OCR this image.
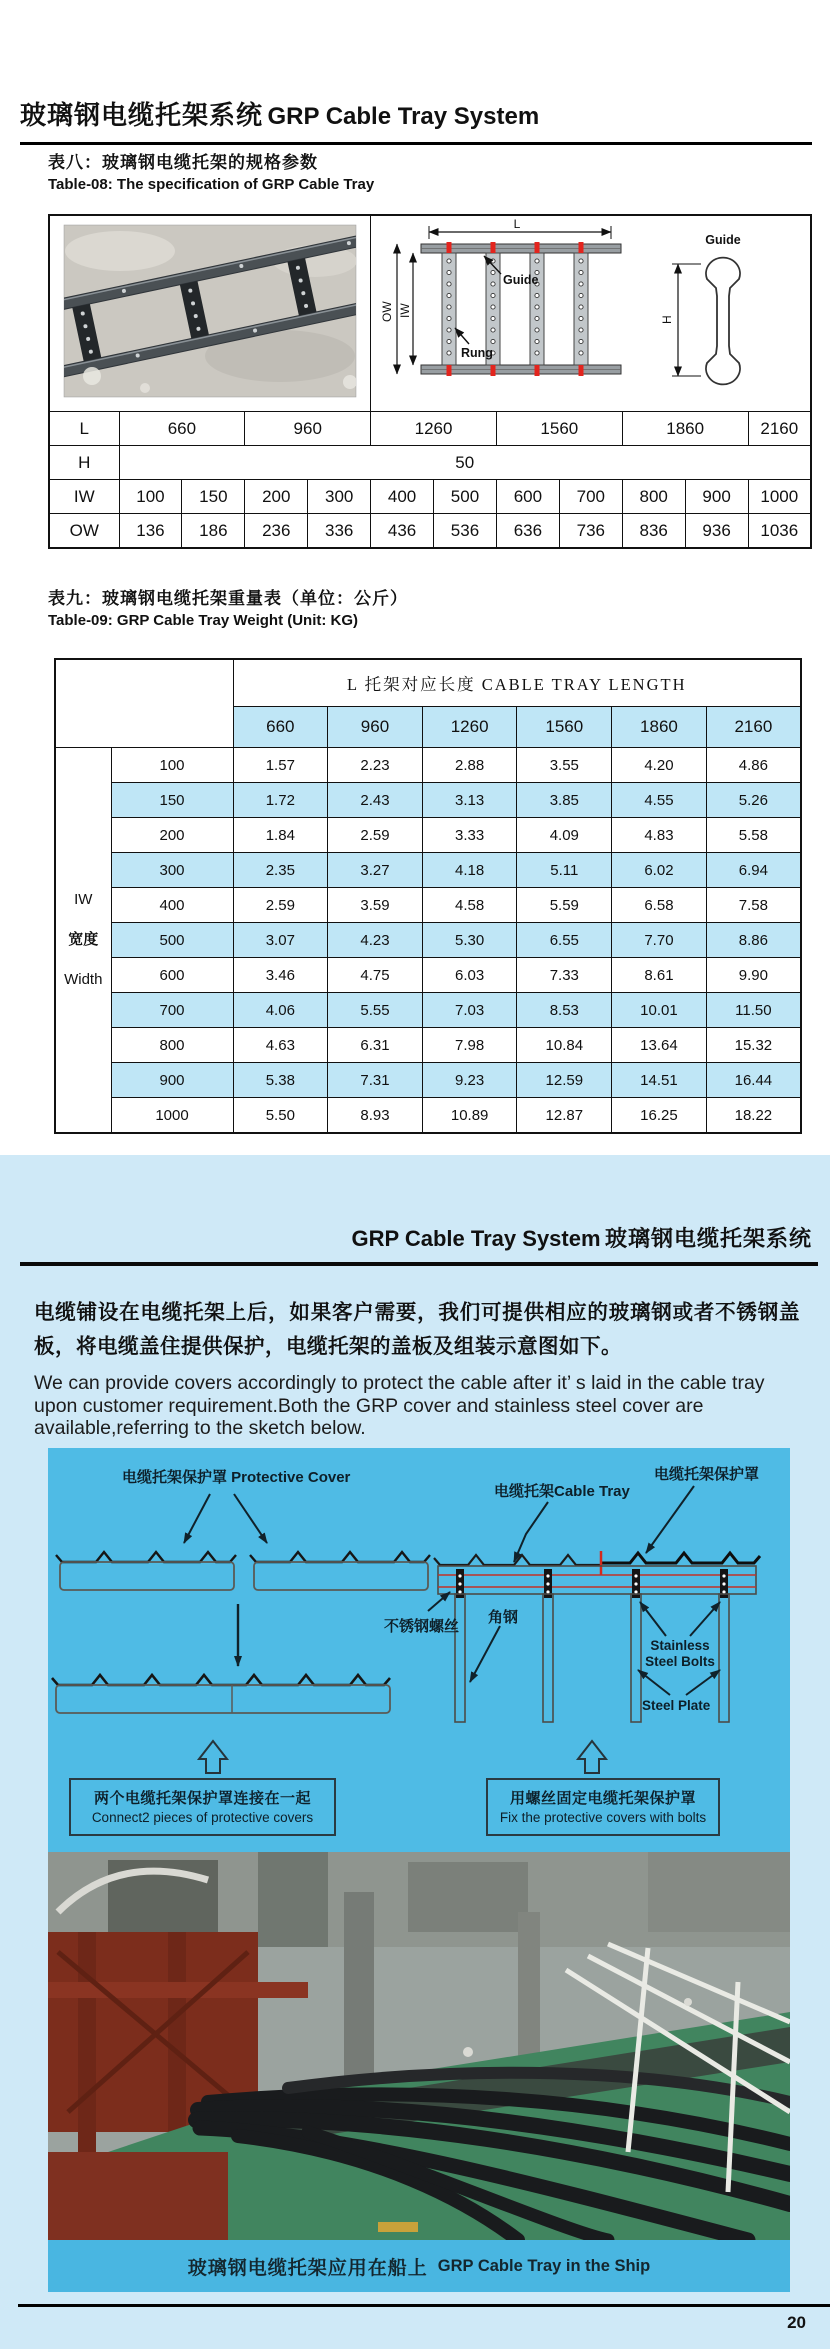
玻璃钢电缆托架系统 GRP Cable Tray System
表八：玻璃钢电缆托架的规格参数
Table-08: The specification of GRP Cable Tray

L
OW IW
Guide
Rung
Guide
H

L	660		960		1260		1560		1860		2160
H	50										
IW	100	150	200	300	400	500	600	700	800	900	1000
OW	136	186	236	336	436	536	636	736	836	936	1036
表九：玻璃钢电缆托架重量表（单位：公斤）
Table-09: GRP Cable Tray Weight (Unit: KG)
		L 托架对应长度 CABLE TRAY LENGTH					
		660	960	1260	1560	1860	2160

IW
宽度
Width	100	1.57	2.23	2.88	3.55	4.20	4.86
	150	1.72	2.43	3.13	3.85	4.55	5.26
	200	1.84	2.59	3.33	4.09	4.83	5.58
	300	2.35	3.27	4.18	5.11	6.02	6.94
	400	2.59	3.59	4.58	5.59	6.58	7.58
	500	3.07	4.23	5.30	6.55	7.70	8.86
	600	3.46	4.75	6.03	7.33	8.61	9.90
	700	4.06	5.55	7.03	8.53	10.01	11.50
	800	4.63	6.31	7.98	10.84	13.64	15.32
	900	5.38	7.31	9.23	12.59	14.51	16.44
	1000	5.50	8.93	10.89	12.87	16.25	18.22
GRP Cable Tray System 玻璃钢电缆托架系统
电缆铺设在电缆托架上后，如果客户需要，我们可提供相应的玻璃钢或者不锈钢盖板，将电缆盖住提供保护，电缆托架的盖板及组装示意图如下。
We can provide covers accordingly to protect the cable after it’ s laid in the cable tray upon customer requirement.Both the GRP cover and stainless steel cover are available,referring to the sketch below.
电缆托架保护罩 Protective Cover
电缆托架Cable Tray
电缆托架保护罩
不锈钢螺丝
角钢
Stainless
Steel Bolts
Steel Plate
两个电缆托架保护罩连接在一起
Connect2 pieces of protective covers
用螺丝固定电缆托架保护罩
Fix the protective covers with bolts
玻璃钢电缆托架应用在船上 GRP Cable Tray in the Ship
20
